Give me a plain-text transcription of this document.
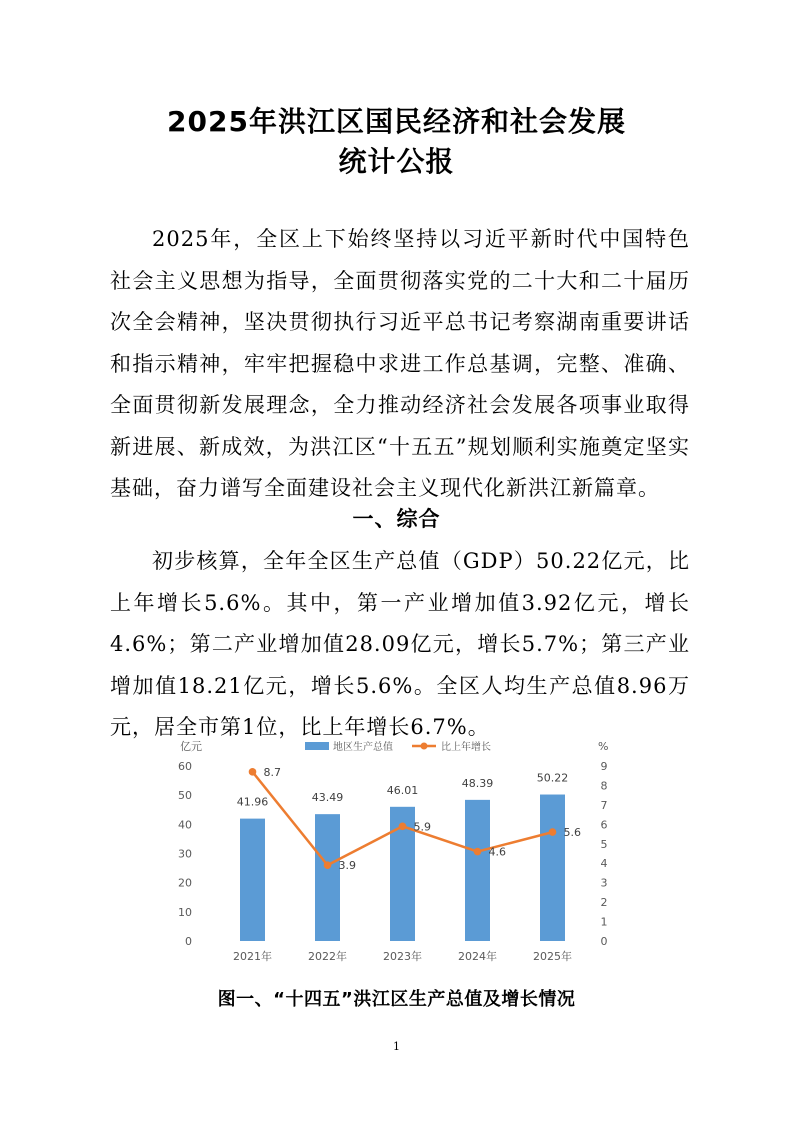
2025年洪江区国民经济和社会发展
统计公报

2025年，全区上下始终坚持以习近平新时代中国特色社会主义思想为指导，全面贯彻落实党的二十大和二十届历次全会精神，坚决贯彻执行习近平总书记考察湖南重要讲话和指示精神，牢牢把握稳中求进工作总基调，完整、准确、全面贯彻新发展理念，全力推动经济社会发展各项事业取得新进展、新成效，为洪江区“十五五”规划顺利实施奠定坚实基础，奋力谱写全面建设社会主义现代化新洪江新篇章。

一、综合

初步核算，全年全区生产总值（GDP）50.22亿元，比上年增长5.6%。其中，第一产业增加值3.92亿元，增长4.6%；第二产业增加值28.09亿元，增长5.7%；第三产业增加值18.21亿元，增长5.6%。全区人均生产总值8.96万元，居全市第1位，比上年增长6.7%。

亿元	%
地区生产总值	比上年增长
0
10
20
30
40
50
60
0
1
2
3
4
5
6
7
8
9
41.96	43.49
46.01
48.39	50.22
2021年	2022年	2023年	2024年	2025年
8.7
3.9
5.9
4.6
5.6
图一、“十四五”洪江区生产总值及增长情况
1
